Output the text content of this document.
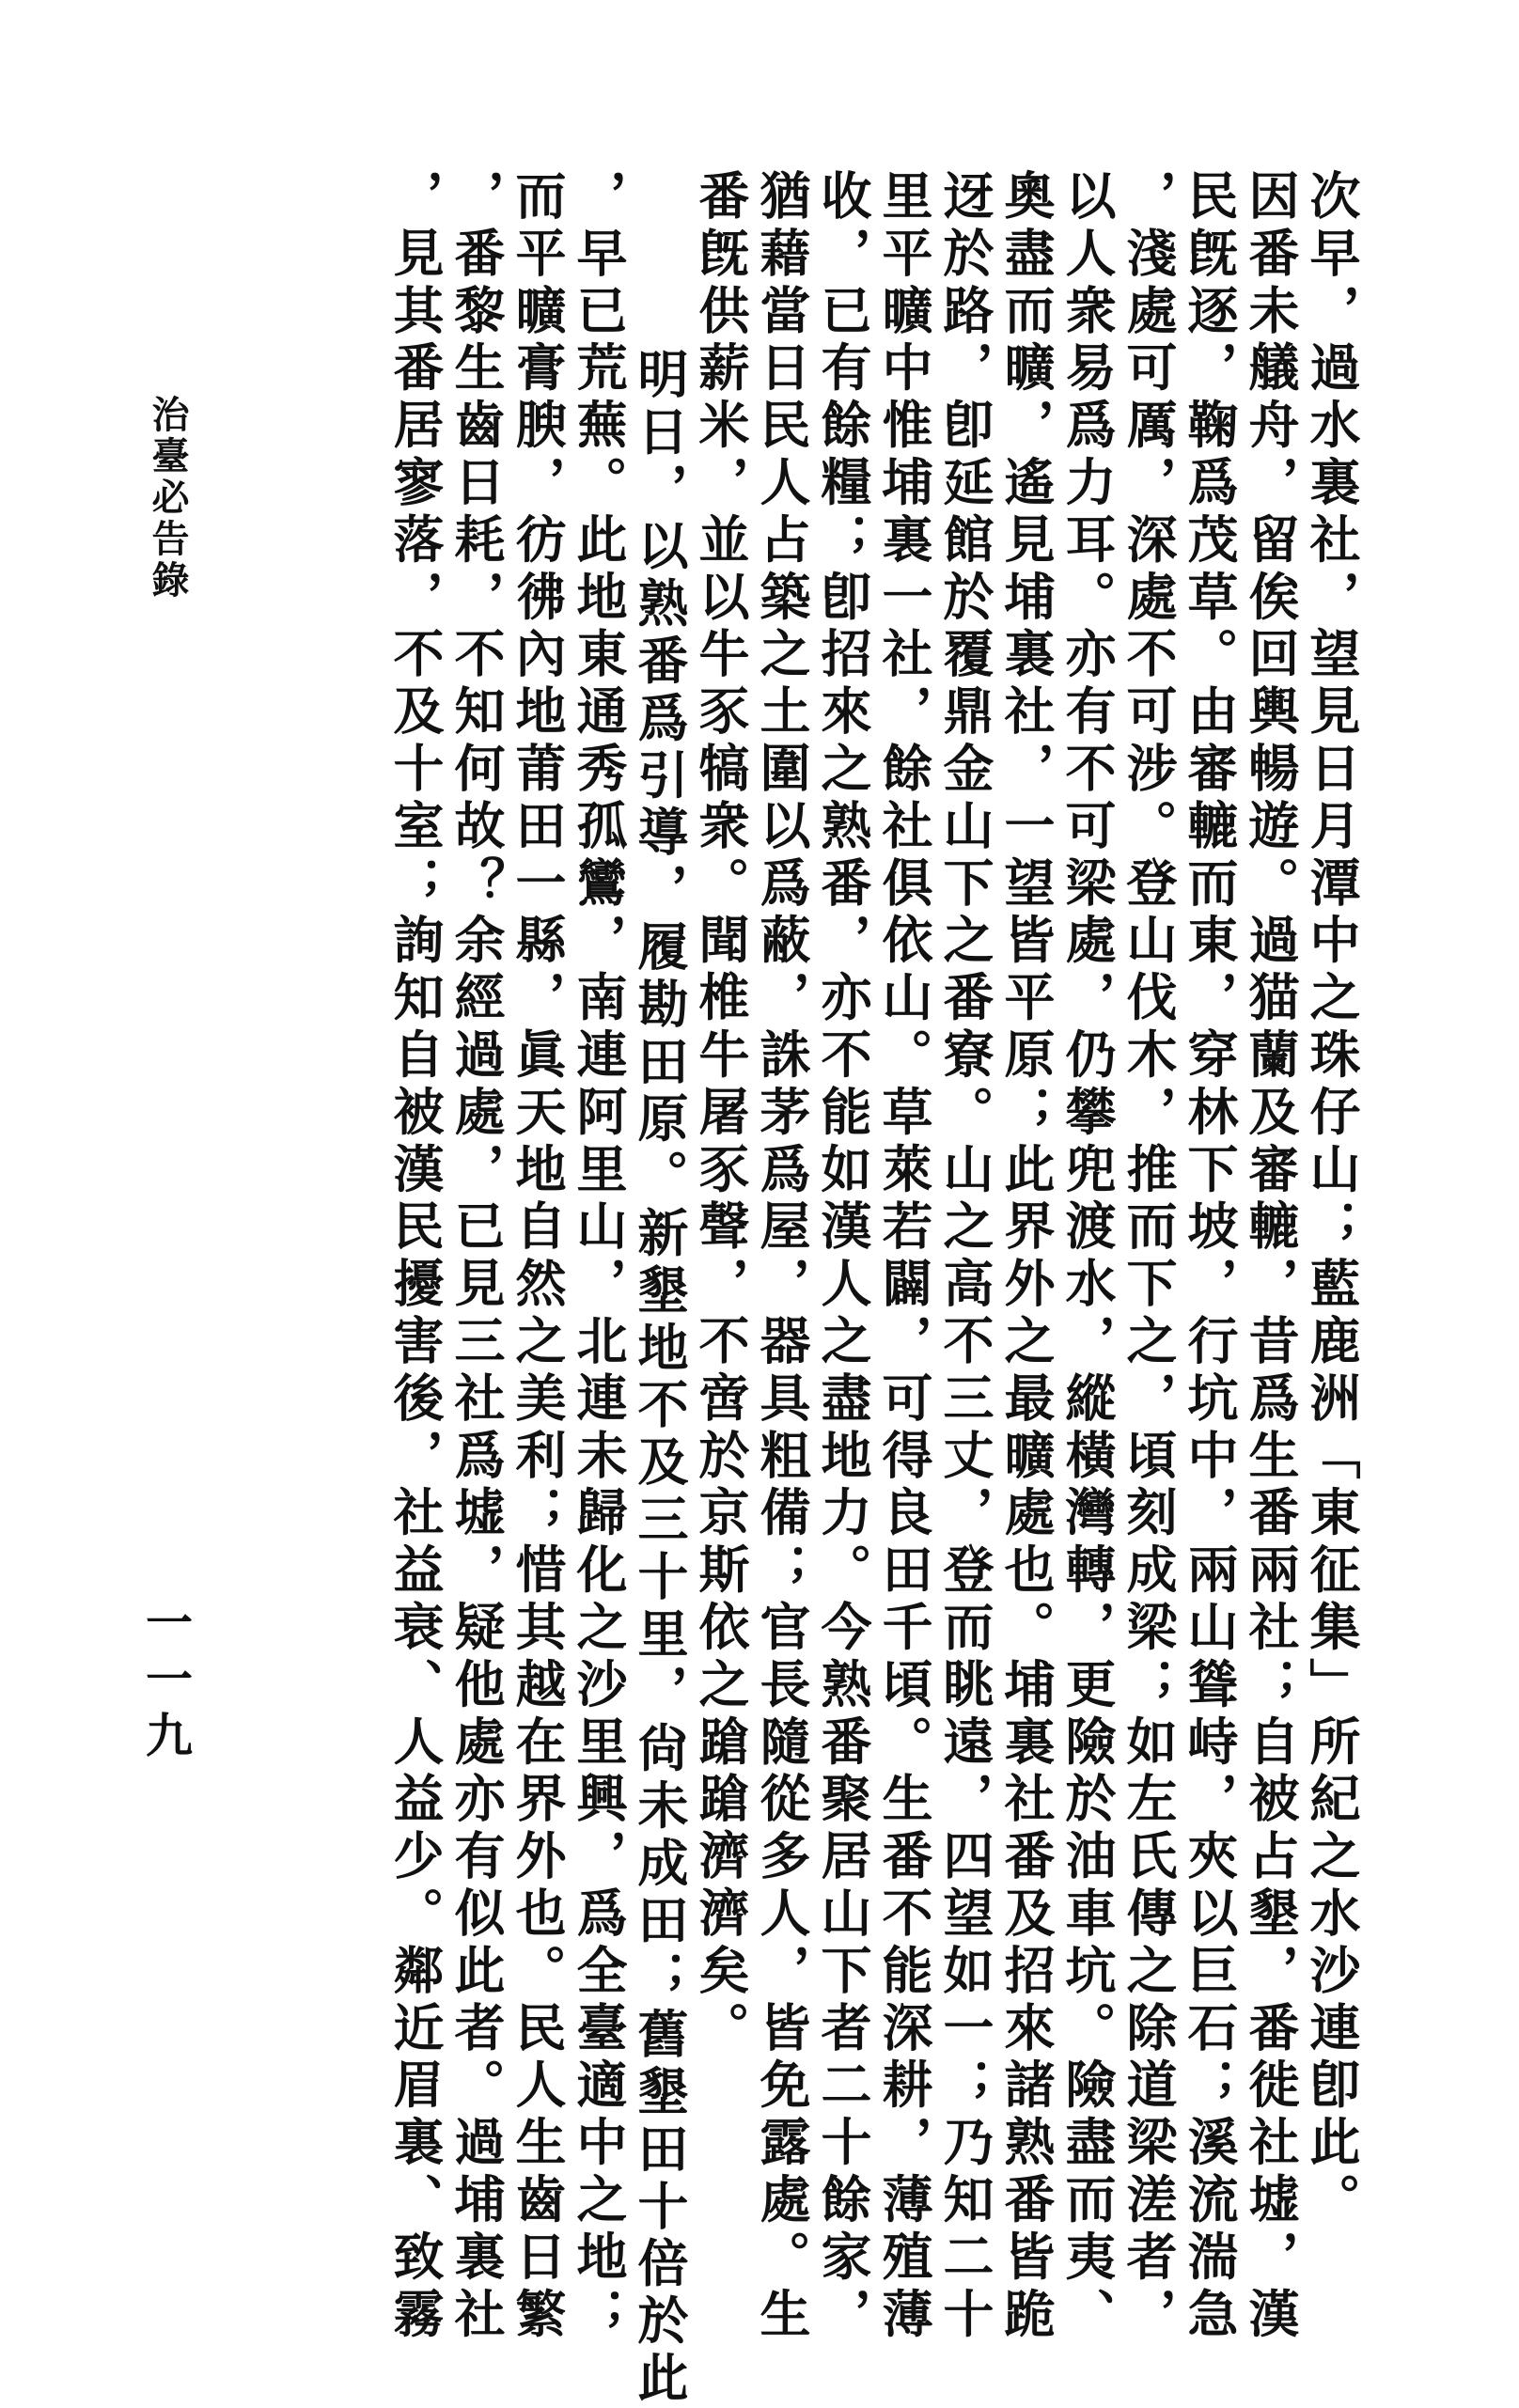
次早，過水裏社，望見日月潭中之珠仔山；藍鹿洲「東征集」所紀之水沙連卽此。
因番未艤舟，留俟回輿暢遊。過猫蘭及審轆，昔爲生番兩社；自被占墾，番徙社墟，漢
民旣逐，鞠爲茂草。由審轆而東，穿林下坡，行坑中，兩山聳峙，夾以巨石；溪流湍急
，淺處可厲，深處不可涉。登山伐木，推而下之，頃刻成梁；如左氏傳之除道梁溠者，
以人衆易爲力耳。亦有不可梁處，仍攀兜渡水，縱橫灣轉，更險於油車坑。險盡而夷、
奧盡而曠，遙見埔裏社，一望皆平原；此界外之最曠處也。埔裏社番及招來諸熟番皆跪
迓於路，卽延館於覆鼎金山下之番寮。山之高不三丈，登而眺遠，四望如一；乃知二十
里平曠中惟埔裏一社，餘社俱依山。草萊若闢，可得良田千頃。生番不能深耕，薄殖薄
收，已有餘糧；卽招來之熟番，亦不能如漢人之盡地力。今熟番聚居山下者二十餘家，
猶藉當日民人占築之土圍以爲蔽，誅茅爲屋，器具粗備；官長隨從多人，皆免露處。生
番旣供薪米，並以牛豕犒衆。聞椎牛屠豕聲，不啻於京斯依之蹌蹌濟濟矣。
明日，以熟番爲引導，履勘田原。新墾地不及三十里，尙未成田；舊墾田十倍於此
，早已荒蕪。此地東通秀孤鸞，南連阿里山，北連未歸化之沙里興，爲全臺適中之地；
而平曠膏腴，彷彿內地莆田一縣，眞天地自然之美利；惜其越在界外也。民人生齒日繁
，番黎生齒日耗，不知何故？余經過處，已見三社爲墟，疑他處亦有似此者。過埔裏社
，見其番居寥落，不及十室；詢知自被漢民擾害後，社益衰、人益少。鄰近眉裏、致霧
治臺必告錄
一一九
